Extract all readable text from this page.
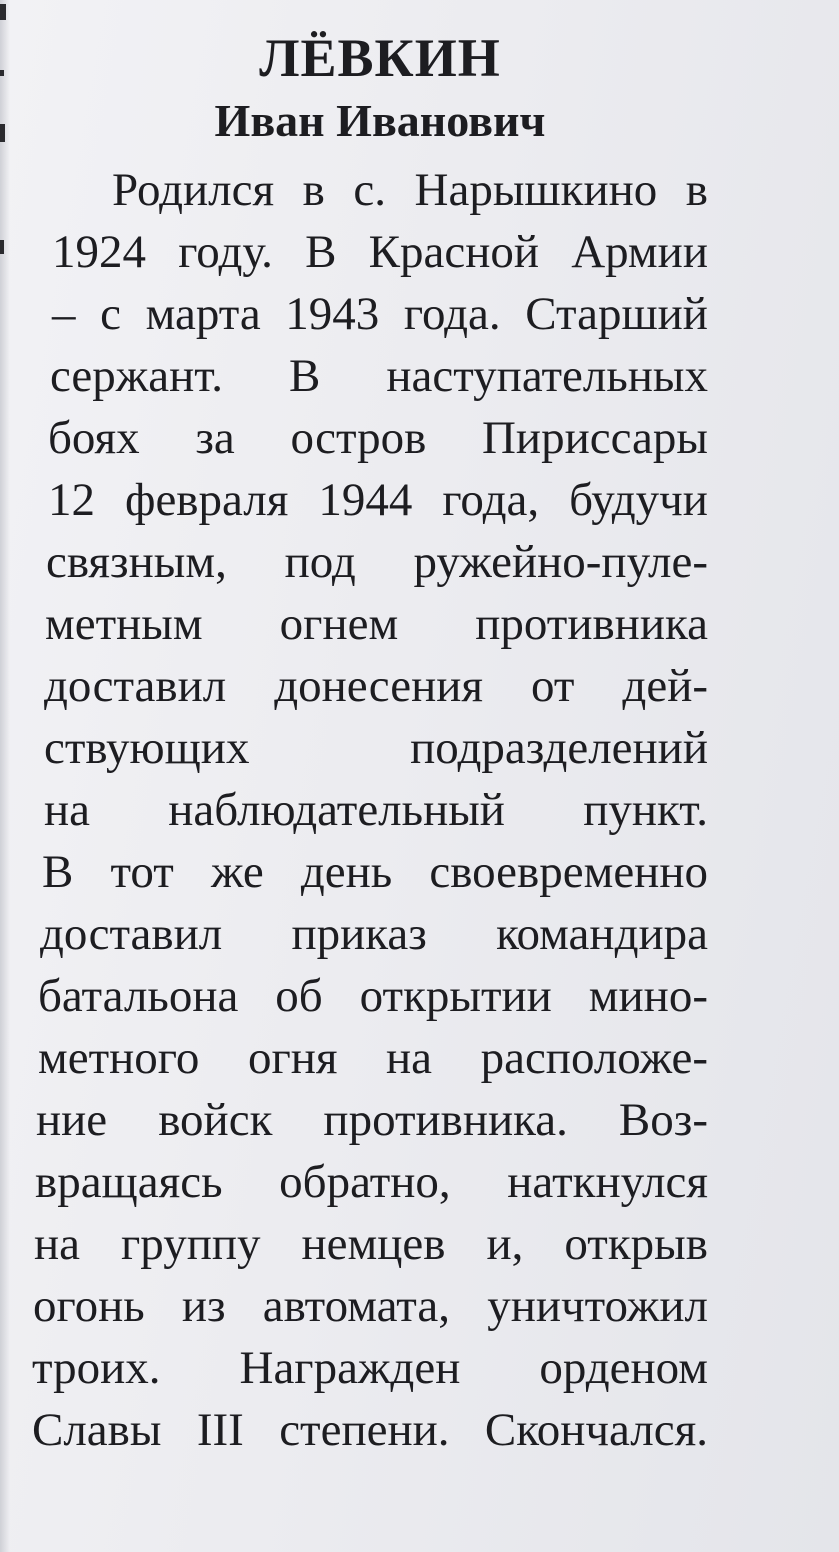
ЛЁВКИН
Иван Иванович
Родился в с. Нарышкино в
1924 году. В Красной Армии
– с марта 1943 года. Старший
сержант. В наступательных
боях за остров Пириссары
12 февраля 1944 года, будучи
связным, под ружейно-пуле-
метным огнем противника
доставил донесения от дей-
ствующих	подразделений
на наблюдательный пункт.
В тот же день своевременно
доставил приказ командира
батальона об открытии мино-
метного огня на расположе-
ние войск противника. Воз-
вращаясь обратно, наткнулся
на группу немцев и, открыв
огонь из автомата, уничтожил
троих. Награжден орденом
Славы III степени. Скончался.
